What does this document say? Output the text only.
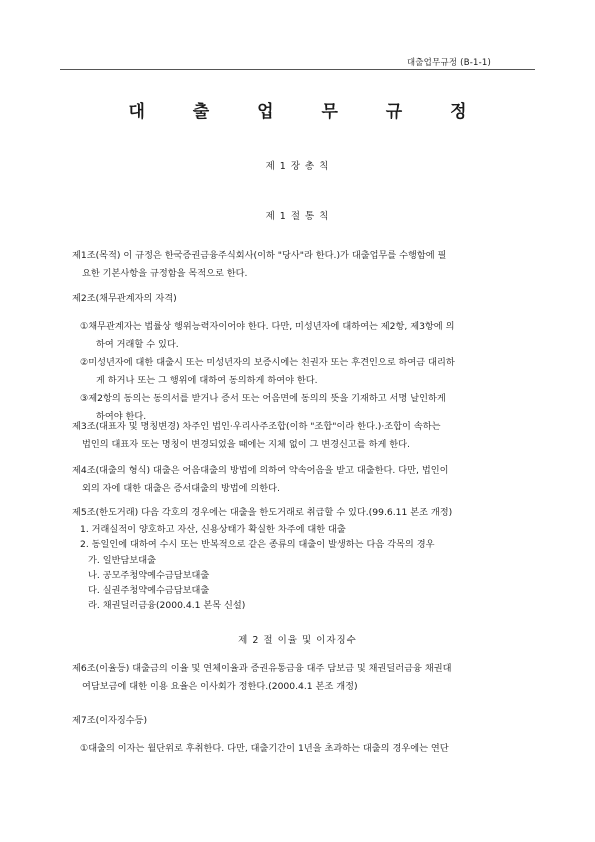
대출업무규정 (B-1-1)
대 출 업 무 규 정
제 1 장 총 칙
제 1 절 통 칙
제1조(목적) 이 규정은 한국증권금융주식회사(이하 "당사"라 한다.)가 대출업무를 수행함에 필
요한 기본사항을 규정함을 목적으로 한다.
제2조(채무관계자의 자격)
①채무관계자는 법률상 행위능력자이어야 한다. 다만, 미성년자에 대하여는 제2항, 제3항에 의
하여 거래할 수 있다.
②미성년자에 대한 대출시 또는 미성년자의 보증시에는 친권자 또는 후견인으로 하여금 대리하
게 하거나 또는 그 행위에 대하여 동의하게 하여야 한다.
③제2항의 동의는 동의서를 받거나 증서 또는 어음면에 동의의 뜻을 기재하고 서명 날인하게
하여야 한다.
제3조(대표자 및 명칭변경) 차주인 법인·우리사주조합(이하 "조합"이라 한다.)·조합이 속하는
법인의 대표자 또는 명칭이 변경되었을 때에는 지체 없이 그 변경신고를 하게 한다.
제4조(대출의 형식) 대출은 어음대출의 방법에 의하여 약속어음을 받고 대출한다. 다만, 법인이
외의 자에 대한 대출은 증서대출의 방법에 의한다.
제5조(한도거래) 다음 각호의 경우에는 대출을 한도거래로 취급할 수 있다.(99.6.11 본조 개정)
1. 거래실적이 양호하고 자산, 신용상태가 확실한 차주에 대한 대출
2. 동일인에 대하여 수시 또는 반복적으로 같은 종류의 대출이 발생하는 다음 각목의 경우
가. 일반담보대출
나. 공모주청약예수금담보대출
다. 실권주청약예수금담보대출
라. 채권딜러금융(2000.4.1 본목 신설)
제 2 절 이율 및 이자징수
제6조(이율등) 대출금의 이율 및 연체이율과 증권유통금융 대주 담보금 및 채권딜러금융 채권대
여담보금에 대한 이용 요율은 이사회가 정한다.(2000.4.1 본조 개정)
제7조(이자징수등)
①대출의 이자는 월단위로 후취한다. 다만, 대출기간이 1년을 초과하는 대출의 경우에는 연단
